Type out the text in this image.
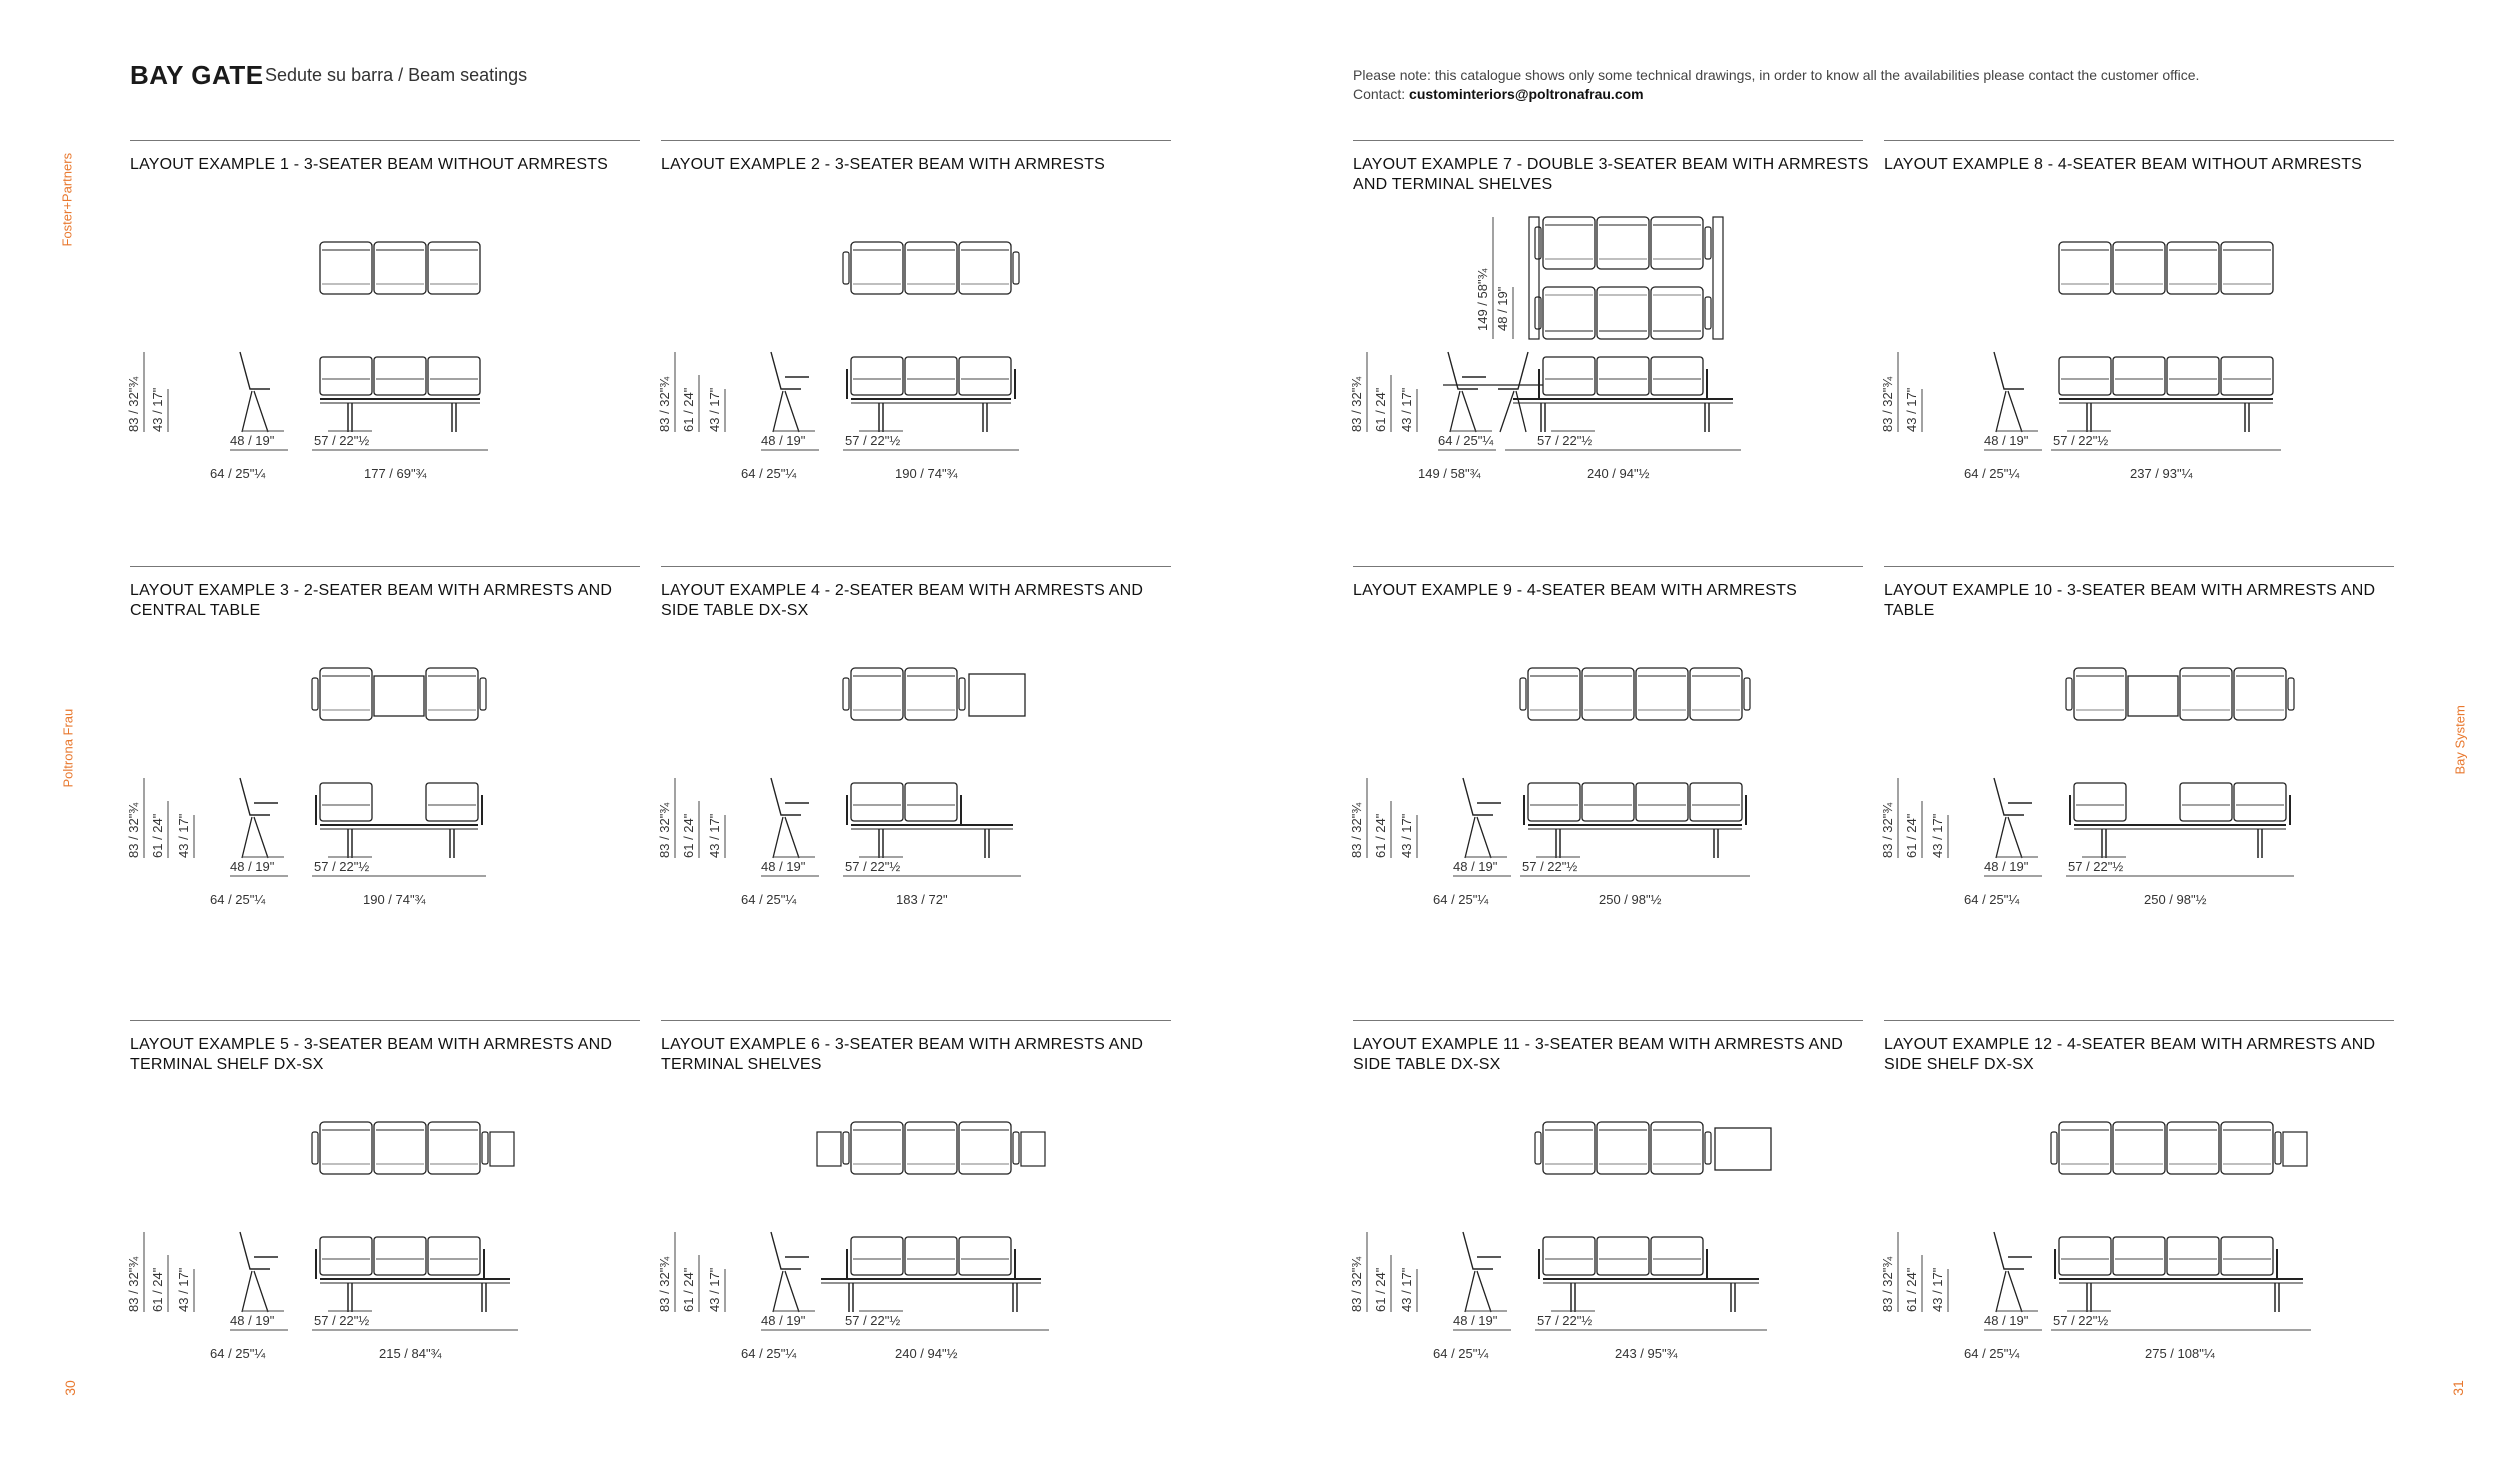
BAY GATE Sedute su barra / Beam seatings	Please note: this catalogue shows only some technical drawings, in order to know all the availabilities please contact the customer office.
Contact: custominteriors@poltronafrau.com
Foster+Partners
Poltrona Frau	Bay System
30	31
LAYOUT EXAMPLE 1 - 3-SEATER BEAM WITHOUT ARMRESTS
83 / 32"¾ 43 / 17"
48 / 19"	57 / 22"½
64 / 25"¼	177 / 69"¾
LAYOUT EXAMPLE 2 - 3-SEATER BEAM WITH ARMRESTS
83 / 32"¾ 61 / 24" 43 / 17"
48 / 19"	57 / 22"½
64 / 25"¼	190 / 74"¾
LAYOUT EXAMPLE 7 - DOUBLE 3-SEATER BEAM WITH ARMRESTS AND TERMINAL SHELVES
149 / 58"¾ 48 / 19"
83 / 32"¾ 61 / 24" 43 / 17"
64 / 25"¼	57 / 22"½
149 / 58"¾	240 / 94"½
LAYOUT EXAMPLE 8 - 4-SEATER BEAM WITHOUT ARMRESTS
83 / 32"¾ 43 / 17"
48 / 19" 57 / 22"½
64 / 25"¼	237 / 93"¼
LAYOUT EXAMPLE 3 - 2-SEATER BEAM WITH ARMRESTS AND CENTRAL TABLE
83 / 32"¾ 61 / 24" 43 / 17"
48 / 19"	57 / 22"½
64 / 25"¼	190 / 74"¾
LAYOUT EXAMPLE 4 - 2-SEATER BEAM WITH ARMRESTS AND SIDE TABLE DX-SX
83 / 32"¾ 61 / 24" 43 / 17"
48 / 19"	57 / 22"½
64 / 25"¼	183 / 72"
LAYOUT EXAMPLE 9 - 4-SEATER BEAM WITH ARMRESTS
83 / 32"¾ 61 / 24" 43 / 17"
48 / 19" 57 / 22"½
64 / 25"¼	250 / 98"½
LAYOUT EXAMPLE 10 - 3-SEATER BEAM WITH ARMRESTS AND TABLE
83 / 32"¾ 61 / 24" 43 / 17"
48 / 19"	57 / 22"½
64 / 25"¼	250 / 98"½
LAYOUT EXAMPLE 5 - 3-SEATER BEAM WITH ARMRESTS AND TERMINAL SHELF DX-SX
83 / 32"¾ 61 / 24" 43 / 17"
48 / 19"	57 / 22"½
64 / 25"¼	215 / 84"¾
LAYOUT EXAMPLE 6 - 3-SEATER BEAM WITH ARMRESTS AND TERMINAL SHELVES
83 / 32"¾ 61 / 24" 43 / 17"
48 / 19"	57 / 22"½
64 / 25"¼	240 / 94"½
LAYOUT EXAMPLE 11 - 3-SEATER BEAM WITH ARMRESTS AND SIDE TABLE DX-SX
83 / 32"¾ 61 / 24" 43 / 17"
48 / 19"	57 / 22"½
64 / 25"¼	243 / 95"¾
LAYOUT EXAMPLE 12 - 4-SEATER BEAM WITH ARMRESTS AND SIDE SHELF DX-SX
83 / 32"¾ 61 / 24" 43 / 17"
48 / 19" 57 / 22"½
64 / 25"¼	275 / 108"¼
